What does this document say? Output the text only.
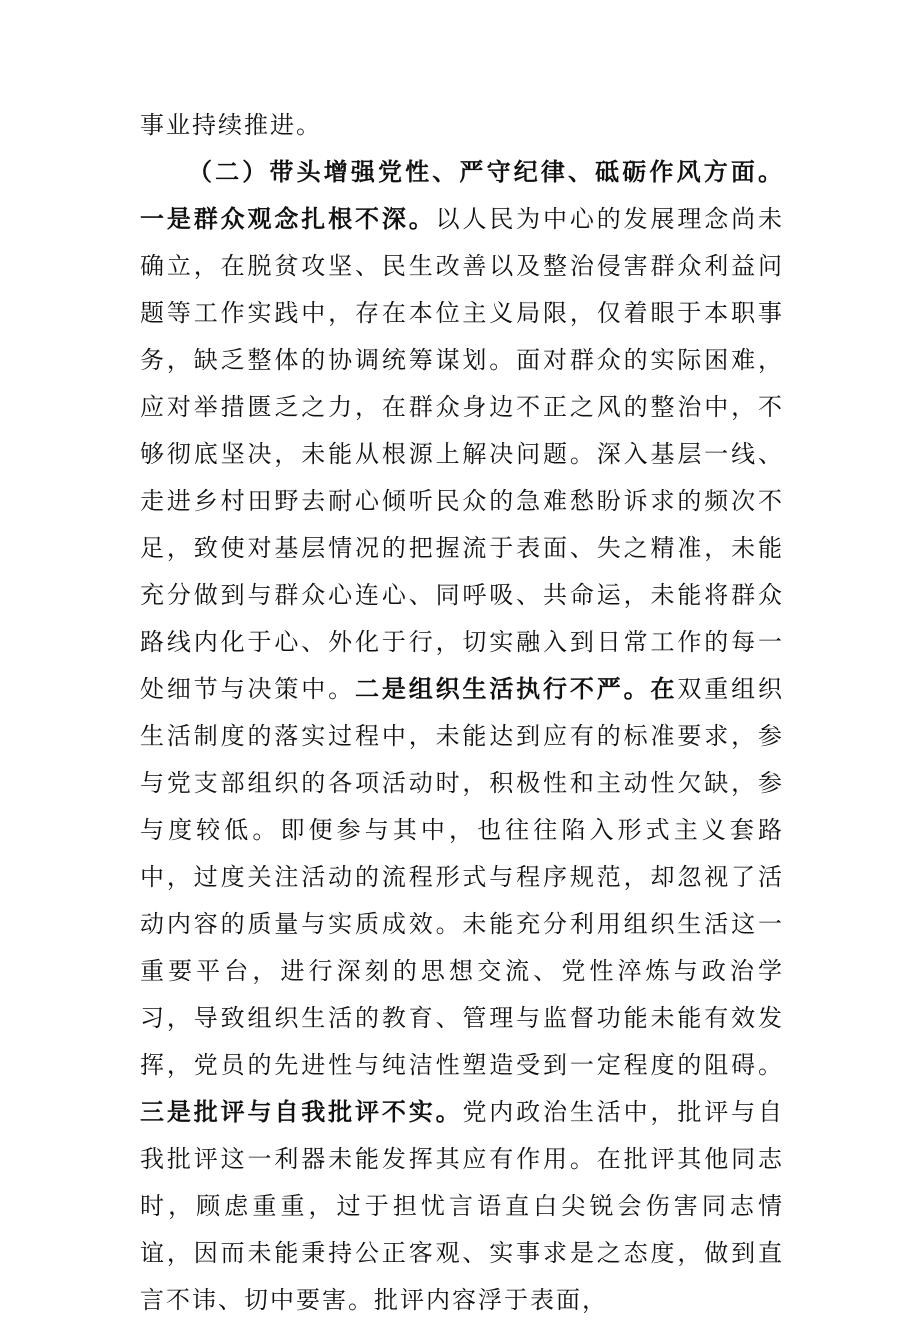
事业持续推进。

（二）带头增强党性、严守纪律、砥砺作风方面。一是群众观念扎根不深。以人民为中心的发展理念尚未确立，在脱贫攻坚、民生改善以及整治侵害群众利益问题等工作实践中，存在本位主义局限，仅着眼于本职事务，缺乏整体的协调统筹谋划。面对群众的实际困难，应对举措匮乏之力，在群众身边不正之风的整治中，不够彻底坚决，未能从根源上解决问题。深入基层一线、走进乡村田野去耐心倾听民众的急难愁盼诉求的频次不足，致使对基层情况的把握流于表面、失之精准，未能充分做到与群众心连心、同呼吸、共命运，未能将群众路线内化于心、外化于行，切实融入到日常工作的每一处细节与决策中。二是组织生活执行不严。在双重组织生活制度的落实过程中，未能达到应有的标准要求，参与党支部组织的各项活动时，积极性和主动性欠缺，参与度较低。即便参与其中，也往往陷入形式主义套路中，过度关注活动的流程形式与程序规范，却忽视了活动内容的质量与实质成效。未能充分利用组织生活这一重要平台，进行深刻的思想交流、党性淬炼与政治学习，导致组织生活的教育、管理与监督功能未能有效发挥，党员的先进性与纯洁性塑造受到一定程度的阻碍。三是批评与自我批评不实。党内政治生活中，批评与自我批评这一利器未能发挥其应有作用。在批评其他同志时，顾虑重重，过于担忧言语直白尖锐会伤害同志情谊，因而未能秉持公正客观、实事求是之态度，做到直言不讳、切中要害。批评内容浮于表面，
